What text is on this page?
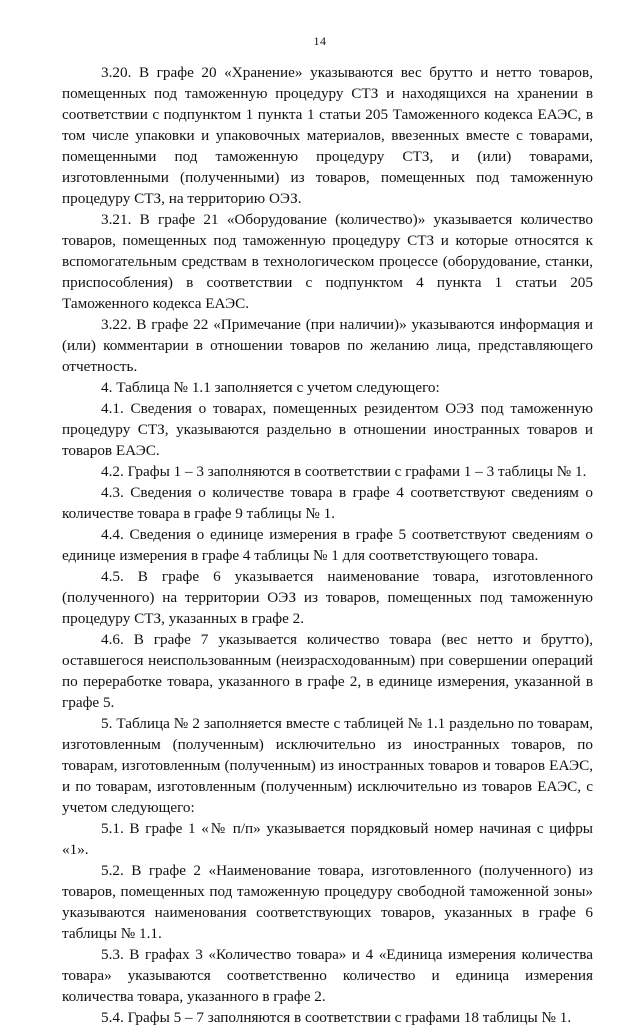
14

3.20. В графе 20 «Хранение» указываются вес брутто и нетто товаров, помещенных под таможенную процедуру СТЗ и находящихся на хранении в соответствии с подпунктом 1 пункта 1 статьи 205 Таможенного кодекса ЕАЭС, в том числе упаковки и упаковочных материалов, ввезенных вместе с товарами, помещенными под таможенную процедуру СТЗ, и (или) товарами, изготовленными (полученными) из товаров, помещенных под таможенную процедуру СТЗ, на территорию ОЭЗ.

3.21. В графе 21 «Оборудование (количество)» указывается количество товаров, помещенных под таможенную процедуру СТЗ и которые относятся к вспомогательным средствам в технологическом процессе (оборудование, станки, приспособления) в соответствии с подпунктом 4 пункта 1 статьи 205 Таможенного кодекса ЕАЭС.

3.22. В графе 22 «Примечание (при наличии)» указываются информация и (или) комментарии в отношении товаров по желанию лица, представляющего отчетность.

4. Таблица № 1.1 заполняется с учетом следующего:

4.1. Сведения о товарах, помещенных резидентом ОЭЗ под таможенную процедуру СТЗ, указываются раздельно в отношении иностранных товаров и товаров ЕАЭС.

4.2. Графы 1 – 3 заполняются в соответствии с графами 1 – 3 таблицы № 1.

4.3. Сведения о количестве товара в графе 4 соответствуют сведениям о количестве товара в графе 9 таблицы № 1.

4.4. Сведения о единице измерения в графе 5 соответствуют сведениям о единице измерения в графе 4 таблицы № 1 для соответствующего товара.

4.5. В графе 6 указывается наименование товара, изготовленного (полученного) на территории ОЭЗ из товаров, помещенных под таможенную процедуру СТЗ, указанных в графе 2.

4.6. В графе 7 указывается количество товара (вес нетто и брутто), оставшегося неиспользованным (неизрасходованным) при совершении операций по переработке товара, указанного в графе 2, в единице измерения, указанной в графе 5.

5. Таблица № 2 заполняется вместе с таблицей № 1.1 раздельно по товарам, изготовленным (полученным) исключительно из иностранных товаров, по товарам, изготовленным (полученным) из иностранных товаров и товаров ЕАЭС, и по товарам, изготовленным (полученным) исключительно из товаров ЕАЭС, с учетом следующего:

5.1. В графе 1 «№ п/п» указывается порядковый номер начиная с цифры «1».

5.2. В графе 2 «Наименование товара, изготовленного (полученного) из товаров, помещенных под таможенную процедуру свободной таможенной зоны» указываются наименования соответствующих товаров, указанных в графе 6 таблицы № 1.1.

5.3. В графах 3 «Количество товара» и 4 «Единица измерения количества товара» указываются соответственно количество и единица измерения количества товара, указанного в графе 2.

5.4. Графы 5 – 7 заполняются в соответствии с графами 18 таблицы № 1.
